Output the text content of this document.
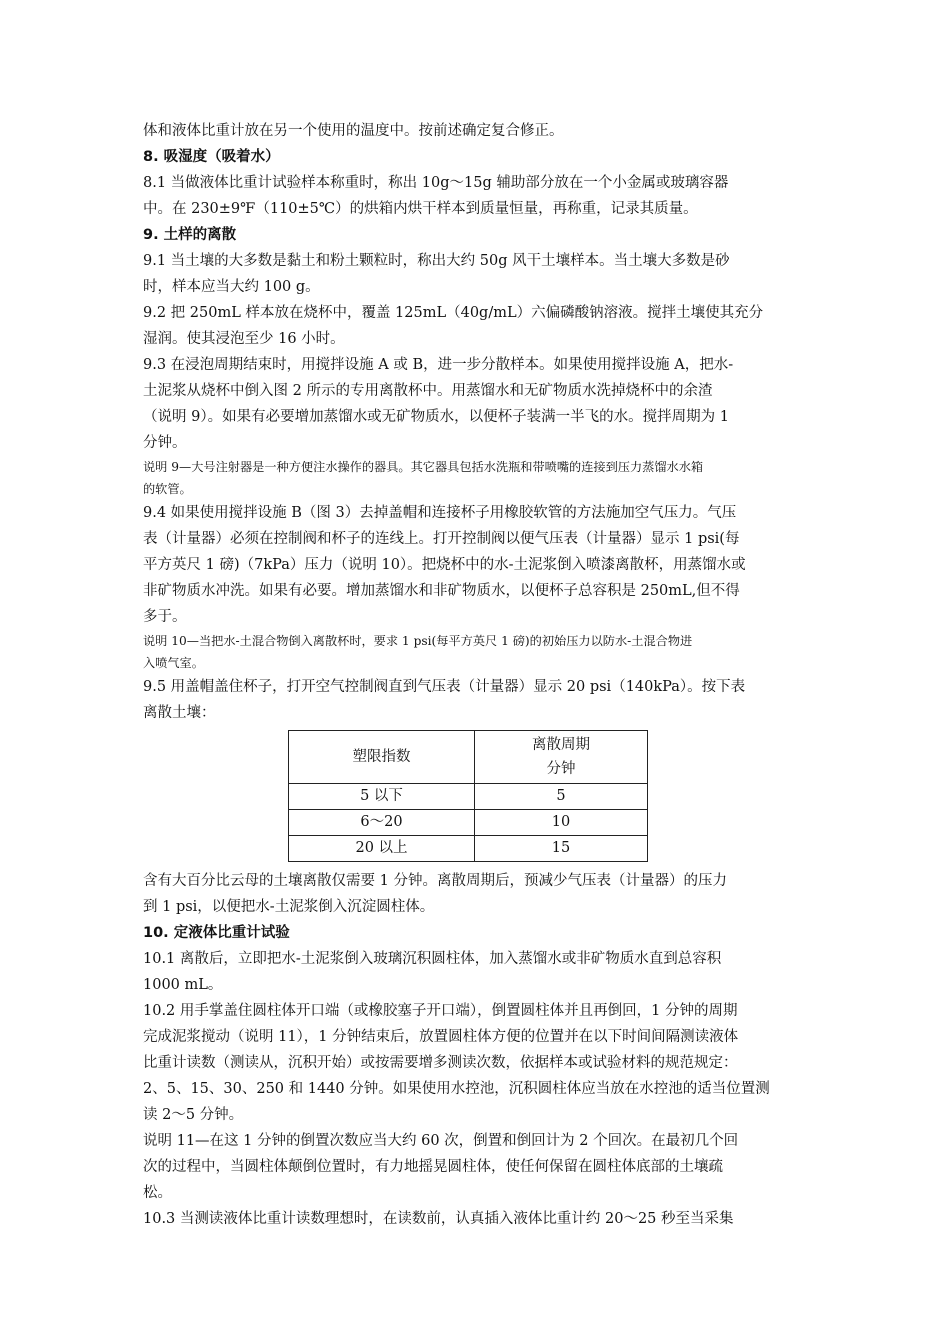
体和液体比重计放在另一个使用的温度中。按前述确定复合修正。

8. 吸湿度（吸着水）

8.1 当做液体比重计试验样本称重时，称出 10g～15g 辅助部分放在一个小金属或玻璃容器

中。在 230±9℉（110±5℃）的烘箱内烘干样本到质量恒量，再称重，记录其质量。

9. 土样的离散

9.1 当土壤的大多数是黏土和粉土颗粒时，称出大约 50g 风干土壤样本。当土壤大多数是砂

时，样本应当大约 100 g。

9.2 把 250mL 样本放在烧杯中，覆盖 125mL（40g/mL）六偏磷酸钠溶液。搅拌土壤使其充分

湿润。使其浸泡至少 16 小时。

9.3 在浸泡周期结束时，用搅拌设施 A 或 B，进一步分散样本。如果使用搅拌设施 A，把水-

土泥浆从烧杯中倒入图 2 所示的专用离散杯中。用蒸馏水和无矿物质水洗掉烧杯中的余渣

（说明 9）。如果有必要增加蒸馏水或无矿物质水，以便杯子装满一半飞的水。搅拌周期为 1

分钟。

说明 9—大号注射器是一种方便注水操作的器具。其它器具包括水洗瓶和带喷嘴的连接到压力蒸馏水水箱

的软管。

9.4 如果使用搅拌设施 B（图 3）去掉盖帽和连接杯子用橡胶软管的方法施加空气压力。气压

表（计量器）必须在控制阀和杯子的连线上。打开控制阀以便气压表（计量器）显示 1 psi(每

平方英尺 1 磅)（7kPa）压力（说明 10）。把烧杯中的水-土泥浆倒入喷漆离散杯，用蒸馏水或

非矿物质水冲洗。如果有必要。增加蒸馏水和非矿物质水，以便杯子总容积是 250mL,但不得

多于。

说明 10—当把水-土混合物倒入离散杯时，要求 1 psi(每平方英尺 1 磅)的初始压力以防水-土混合物进

入喷气室。

9.5 用盖帽盖住杯子，打开空气控制阀直到气压表（计量器）显示 20 psi（140kPa）。按下表

离散土壤：

塑限指数	离散周期
分钟

5 以下	5
6～20	10
20 以上	15

含有大百分比云母的土壤离散仅需要 1 分钟。离散周期后，预减少气压表（计量器）的压力

到 1 psi，以便把水-土泥浆倒入沉淀圆柱体。

10. 定液体比重计试验

10.1 离散后，立即把水-土泥浆倒入玻璃沉积圆柱体，加入蒸馏水或非矿物质水直到总容积

1000 mL。

10.2 用手掌盖住圆柱体开口端（或橡胶塞子开口端），倒置圆柱体并且再倒回，1 分钟的周期

完成泥浆搅动（说明 11），1 分钟结束后，放置圆柱体方便的位置并在以下时间间隔测读液体

比重计读数（测读从，沉积开始）或按需要增多测读次数，依据样本或试验材料的规范规定：

2、5、15、30、250 和 1440 分钟。如果使用水控池，沉积圆柱体应当放在水控池的适当位置测

读 2～5 分钟。

说明 11—在这 1 分钟的倒置次数应当大约 60 次，倒置和倒回计为 2 个回次。在最初几个回

次的过程中，当圆柱体颠倒位置时，有力地摇晃圆柱体，使任何保留在圆柱体底部的土壤疏

松。

10.3 当测读液体比重计读数理想时，在读数前，认真插入液体比重计约 20～25 秒至当采集
